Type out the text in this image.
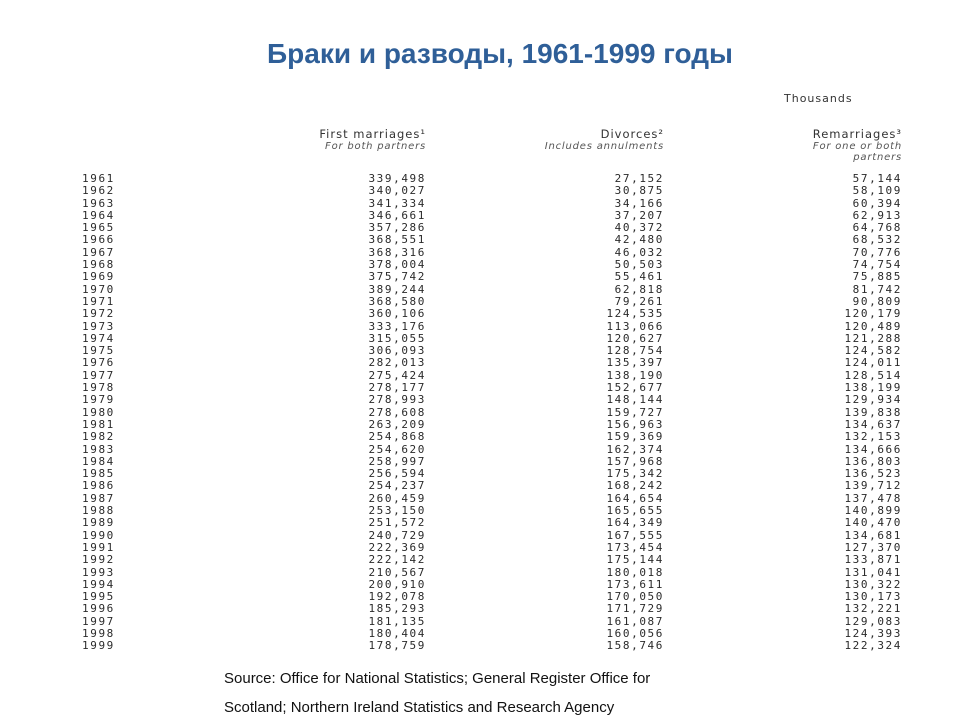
Браки и разводы, 1961-1999 годы
Thousands
First marriages¹
For both partners
Divorces²
Includes annulments
Remarriages³
For one or both
partners
1961	339,498	27,152	57,144
1962	340,027	30,875	58,109
1963	341,334	34,166	60,394
1964	346,661	37,207	62,913
1965	357,286	40,372	64,768
1966	368,551	42,480	68,532
1967	368,316	46,032	70,776
1968	378,004	50,503	74,754
1969	375,742	55,461	75,885
1970	389,244	62,818	81,742
1971	368,580	79,261	90,809
1972	360,106	124,535	120,179
1973	333,176	113,066	120,489
1974	315,055	120,627	121,288
1975	306,093	128,754	124,582
1976	282,013	135,397	124,011
1977	275,424	138,190	128,514
1978	278,177	152,677	138,199
1979	278,993	148,144	129,934
1980	278,608	159,727	139,838
1981	263,209	156,963	134,637
1982	254,868	159,369	132,153
1983	254,620	162,374	134,666
1984	258,997	157,968	136,803
1985	256,594	175,342	136,523
1986	254,237	168,242	139,712
1987	260,459	164,654	137,478
1988	253,150	165,655	140,899
1989	251,572	164,349	140,470
1990	240,729	167,555	134,681
1991	222,369	173,454	127,370
1992	222,142	175,144	133,871
1993	210,567	180,018	131,041
1994	200,910	173,611	130,322
1995	192,078	170,050	130,173
1996	185,293	171,729	132,221
1997	181,135	161,087	129,083
1998	180,404	160,056	124,393
1999	178,759	158,746	122,324
Source: Office for National Statistics; General Register Office for
Scotland; Northern Ireland Statistics and Research Agency
